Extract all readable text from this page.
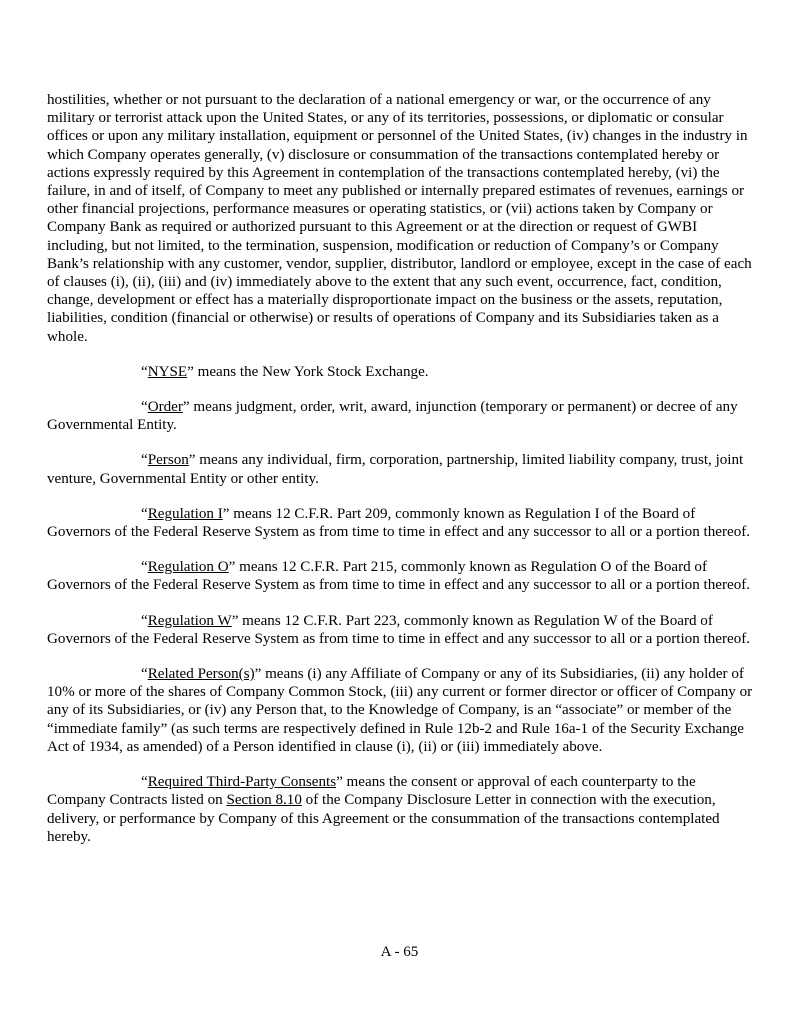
hostilities, whether or not pursuant to the declaration of a national emergency or war, or the occurrence of any military or terrorist attack upon the United States, or any of its territories, possessions, or diplomatic or consular offices or upon any military installation, equipment or personnel of the United States, (iv) changes in the industry in which Company operates generally, (v) disclosure or consummation of the transactions contemplated hereby or actions expressly required by this Agreement in contemplation of the transactions contemplated hereby, (vi) the failure, in and of itself, of Company to meet any published or internally prepared estimates of revenues, earnings or other financial projections, performance measures or operating statistics, or (vii) actions taken by Company or Company Bank as required or authorized pursuant to this Agreement or at the direction or request of GWBI including, but not limited, to the termination, suspension, modification or reduction of Company’s or Company Bank’s relationship with any customer, vendor, supplier, distributor, landlord or employee, except in the case of each of clauses (i), (ii), (iii) and (iv) immediately above to the extent that any such event, occurrence, fact, condition, change, development or effect has a materially disproportionate impact on the business or the assets, reputation, liabilities, condition (financial or otherwise) or results of operations of Company and its Subsidiaries taken as a whole.

“NYSE” means the New York Stock Exchange.

“Order” means judgment, order, writ, award, injunction (temporary or permanent) or decree of any Governmental Entity.

“Person” means any individual, firm, corporation, partnership, limited liability company, trust, joint venture, Governmental Entity or other entity.

“Regulation I” means 12 C.F.R. Part 209, commonly known as Regulation I of the Board of Governors of the Federal Reserve System as from time to time in effect and any successor to all or a portion thereof.

“Regulation O” means 12 C.F.R. Part 215, commonly known as Regulation O of the Board of Governors of the Federal Reserve System as from time to time in effect and any successor to all or a portion thereof.

“Regulation W” means 12 C.F.R. Part 223, commonly known as Regulation W of the Board of Governors of the Federal Reserve System as from time to time in effect and any successor to all or a portion thereof.

“Related Person(s)” means (i) any Affiliate of Company or any of its Subsidiaries, (ii) any holder of 10% or more of the shares of Company Common Stock, (iii) any current or former director or officer of Company or any of its Subsidiaries, or (iv) any Person that, to the Knowledge of Company, is an “associate” or member of the “immediate family” (as such terms are respectively defined in Rule 12b-2 and Rule 16a-1 of the Security Exchange Act of 1934, as amended) of a Person identified in clause (i), (ii) or (iii) immediately above.

“Required Third-Party Consents” means the consent or approval of each counterparty to the Company Contracts listed on Section 8.10 of the Company Disclosure Letter in connection with the execution, delivery, or performance by Company of this Agreement or the consummation of the transactions contemplated hereby.

A - 65
